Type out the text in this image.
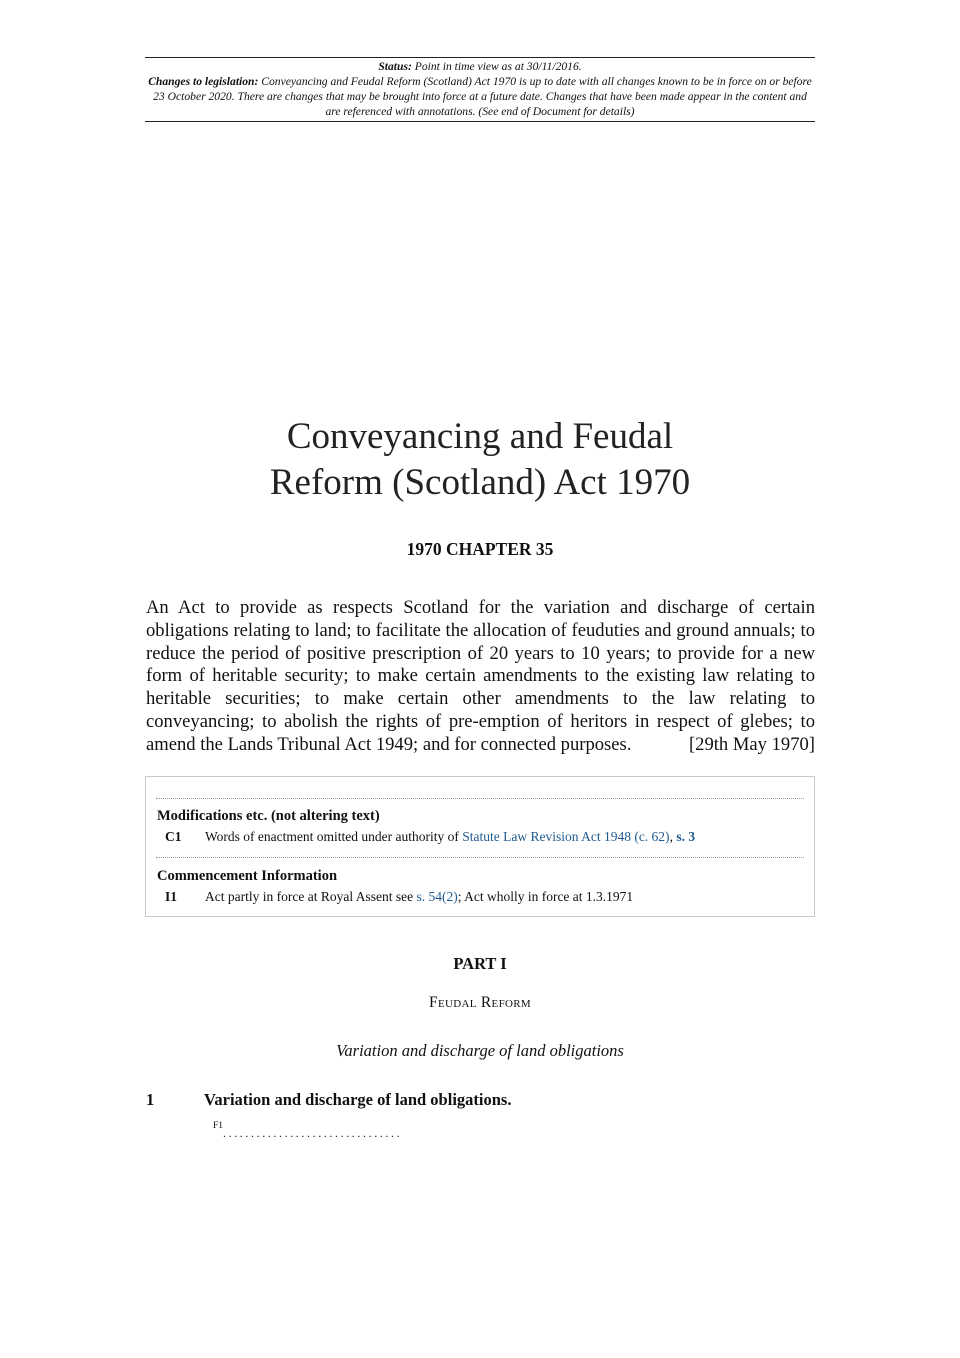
Status: Point in time view as at 30/11/2016.
Changes to legislation: Conveyancing and Feudal Reform (Scotland) Act 1970 is up to date with all changes known to be in force on or before 23 October 2020. There are changes that may be brought into force at a future date. Changes that have been made appear in the content and are referenced with annotations. (See end of Document for details)
Conveyancing and Feudal
Reform (Scotland) Act 1970
1970 CHAPTER 35
An Act to provide as respects Scotland for the variation and discharge of certain obligations relating to land; to facilitate the allocation of feuduties and ground annuals; to reduce the period of positive prescription of 20 years to 10 years; to provide for a new form of heritable security; to make certain amendments to the existing law relating to heritable securities; to make certain other amendments to the law relating to conveyancing; to abolish the rights of pre-emption of heritors in respect of glebes; to amend the Lands Tribunal Act 1949; and for connected purposes.	[29th May 1970]
Modifications etc. (not altering text)
C1 Words of enactment omitted under authority of Statute Law Revision Act 1948 (c. 62), s. 3
Commencement Information
I1 Act partly in force at Royal Assent see s. 54(2); Act wholly in force at 1.3.1971
PART I
Feudal Reform
Variation and discharge of land obligations
1	Variation and discharge of land obligations.
F1 ................................
